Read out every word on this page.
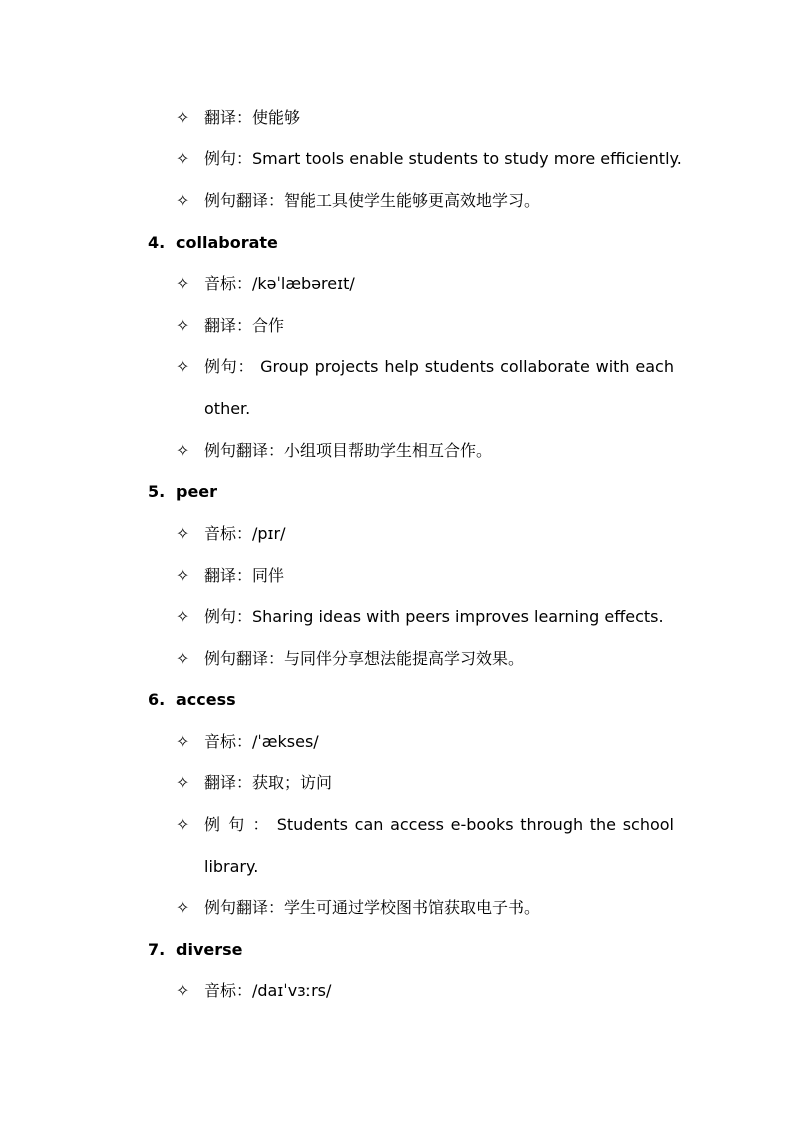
✧ 翻译：使能够
✧ 例句：Smart tools enable students to study more efficiently.
✧ 例句翻译：智能工具使学生能够更高效地学习。
4. collaborate
✧ 音标：/kəˈlæbəreɪt/
✧ 翻译：合作
✧ 例句： Group projects help students collaborate with each
other.
✧ 例句翻译：小组项目帮助学生相互合作。
5. peer
✧ 音标：/pɪr/
✧ 翻译：同伴
✧ 例句：Sharing ideas with peers improves learning effects.
✧ 例句翻译：与同伴分享想法能提高学习效果。
6. access
✧ 音标：/ˈækses/
✧ 翻译：获取；访问
✧ 例 句 ： Students can access e-books through the school
library.
✧ 例句翻译：学生可通过学校图书馆获取电子书。
7. diverse
✧ 音标：/daɪˈvɜːrs/
